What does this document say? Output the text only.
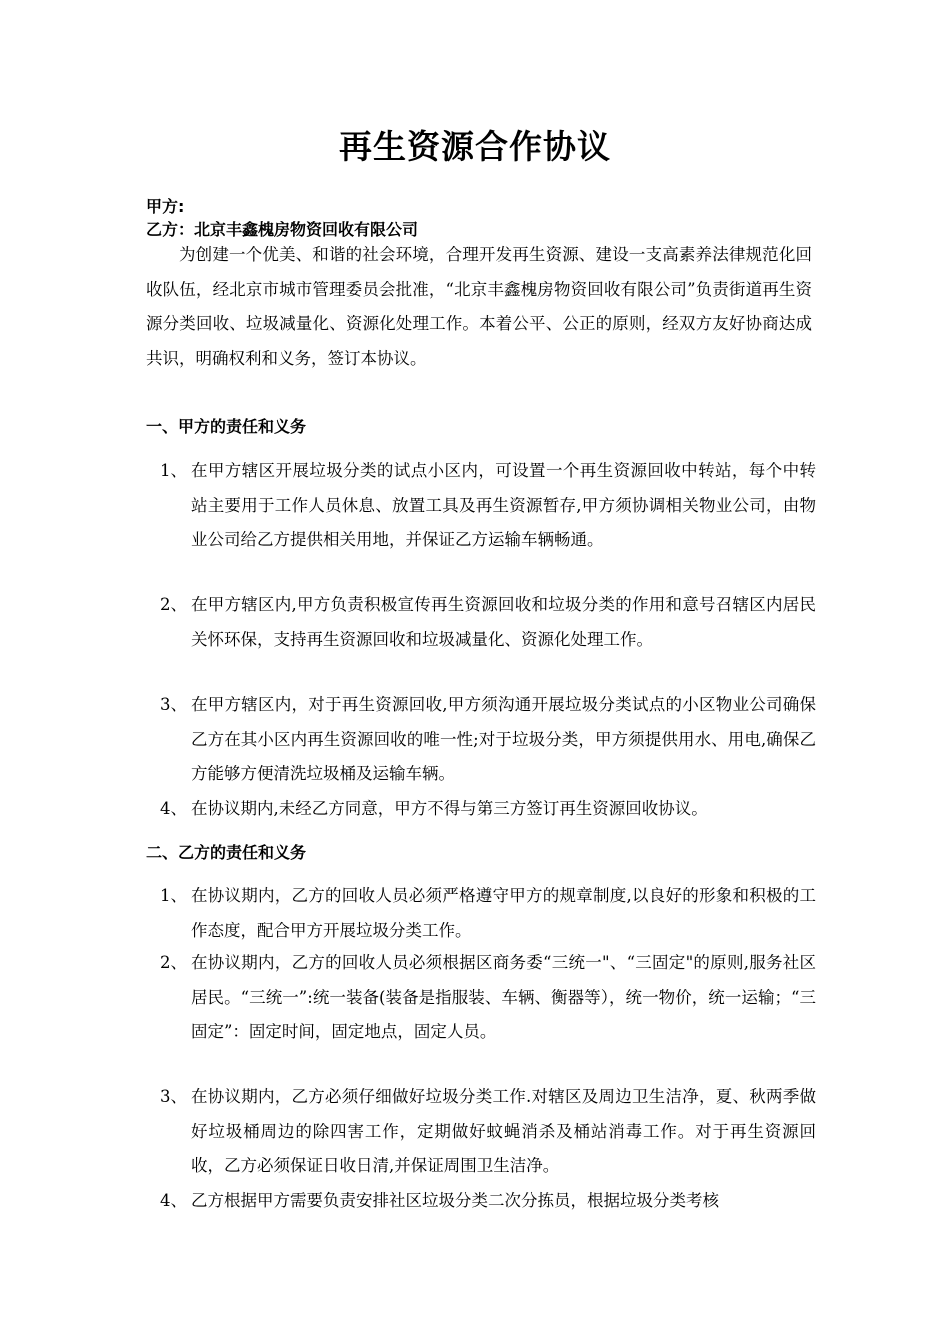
再生资源合作协议
甲方:
乙方：北京丰鑫槐房物资回收有限公司

为创建一个优美、和谐的社会环境，合理开发再生资源、建设一支高素养法律规范化回收队伍，经北京市城市管理委员会批准，“北京丰鑫槐房物资回收有限公司”负责街道再生资源分类回收、垃圾减量化、资源化处理工作。本着公平、公正的原则，经双方友好协商达成共识，明确权利和义务，签订本协议。

一、甲方的责任和义务
1、 在甲方辖区开展垃圾分类的试点小区内，可设置一个再生资源回收中转站，每个中转站主要用于工作人员休息、放置工具及再生资源暂存,甲方须协调相关物业公司，由物业公司给乙方提供相关用地，并保证乙方运输车辆畅通。
2、 在甲方辖区内,甲方负责积极宣传再生资源回收和垃圾分类的作用和意号召辖区内居民关怀环保，支持再生资源回收和垃圾减量化、资源化处理工作。
3、 在甲方辖区内，对于再生资源回收,甲方须沟通开展垃圾分类试点的小区物业公司确保乙方在其小区内再生资源回收的唯一性;对于垃圾分类，甲方须提供用水、用电,确保乙方能够方便清洗垃圾桶及运输车辆。
4、 在协议期内,未经乙方同意，甲方不得与第三方签订再生资源回收协议。
二、乙方的责任和义务
1、 在协议期内，乙方的回收人员必须严格遵守甲方的规章制度,以良好的形象和积极的工作态度，配合甲方开展垃圾分类工作。
2、 在协议期内，乙方的回收人员必须根据区商务委“三统一"、“三固定"的原则,服务社区居民。“三统一”:统一装备(装备是指服装、车辆、衡器等），统一物价，统一运输；“三固定”：固定时间，固定地点，固定人员。
3、 在协议期内，乙方必须仔细做好垃圾分类工作.对辖区及周边卫生洁净，夏、秋两季做好垃圾桶周边的除四害工作，定期做好蚊蝇消杀及桶站消毒工作。对于再生资源回收，乙方必须保证日收日清,并保证周围卫生洁净。
4、 乙方根据甲方需要负责安排社区垃圾分类二次分拣员，根据垃圾分类考核
